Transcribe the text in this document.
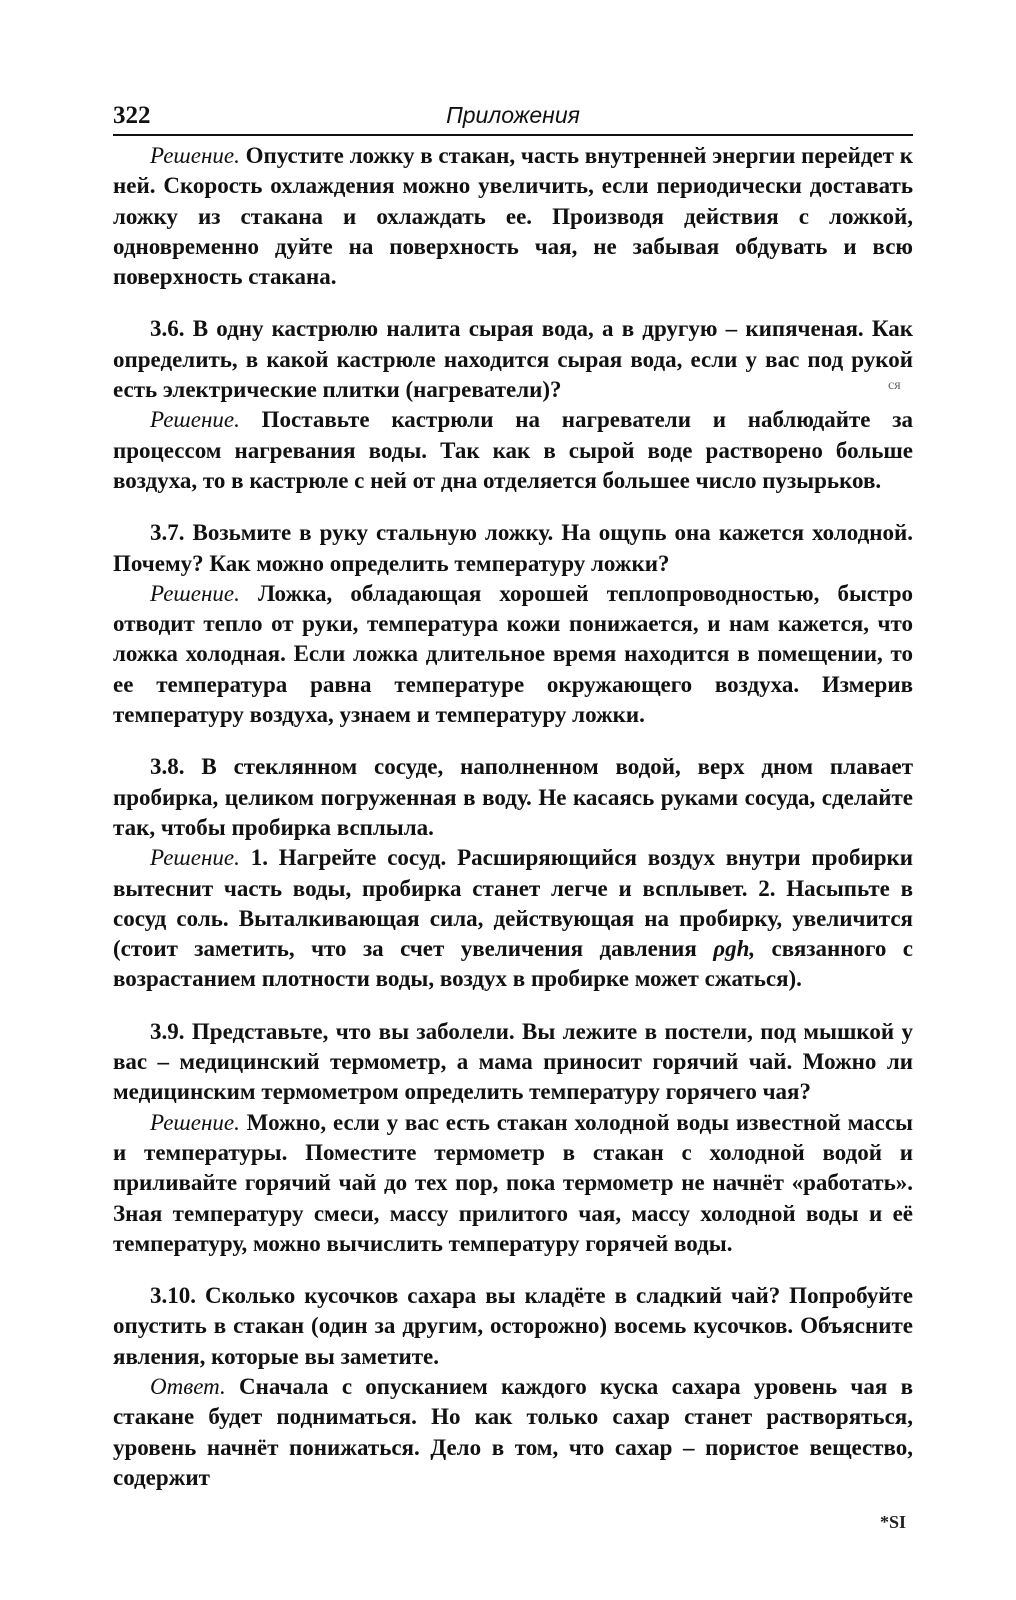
322	Приложения

Решение. Опустите ложку в стакан, часть внутренней энергии перейдет к ней. Скорость охлаждения можно увеличить, если периодически доставать ложку из стакана и охлаждать ее. Производя действия с ложкой, одновременно дуйте на поверхность чая, не забывая обдувать и всю поверхность стакана.

3.6. В одну кастрюлю налита сырая вода, а в другую – кипяченая. Как определить, в какой кастрюле находится сырая вода, если у вас под рукой есть электрические плитки (нагреватели)?

Решение. Поставьте кастрюли на нагреватели и наблюдайте за процессом нагревания воды. Так как в сырой воде растворено больше воздуха, то в кастрюле с ней от дна отделяется большее число пузырьков.

3.7. Возьмите в руку стальную ложку. На ощупь она кажется холодной. Почему? Как можно определить температуру ложки?

Решение. Ложка, обладающая хорошей теплопроводностью, быстро отводит тепло от руки, температура кожи понижается, и нам кажется, что ложка холодная. Если ложка длительное время находится в помещении, то ее температура равна температуре окружающего воздуха. Измерив температуру воздуха, узнаем и температуру ложки.

3.8. В стеклянном сосуде, наполненном водой, верх дном плавает пробирка, целиком погруженная в воду. Не касаясь руками сосуда, сделайте так, чтобы пробирка всплыла.

Решение. 1. Нагрейте сосуд. Расширяющийся воздух внутри пробирки вытеснит часть воды, пробирка станет легче и всплывет. 2. Насыпьте в сосуд соль. Выталкивающая сила, действующая на пробирку, увеличится (стоит заметить, что за счет увеличения давления ρgh, связанного с возрастанием плотности воды, воздух в пробирке может сжаться).

3.9. Представьте, что вы заболели. Вы лежите в постели, под мышкой у вас – медицинский термометр, а мама приносит горячий чай. Можно ли медицинским термометром определить температуру горячего чая?

Решение. Можно, если у вас есть стакан холодной воды известной массы и температуры. Поместите термометр в стакан с холодной водой и приливайте горячий чай до тех пор, пока термометр не начнёт «работать». Зная температуру смеси, массу прилитого чая, массу холодной воды и её температуру, можно вычислить температуру горячей воды.

3.10. Сколько кусочков сахара вы кладёте в сладкий чай? Попробуйте опустить в стакан (один за другим, осторожно) восемь кусочков. Объясните явления, которые вы заметите.

Ответ. Сначала с опусканием каждого куска сахара уровень чая в стакане будет подниматься. Но как только сахар станет растворяться, уровень начнёт понижаться. Дело в том, что сахар – пористое вещество, содержит

ся
*SI
